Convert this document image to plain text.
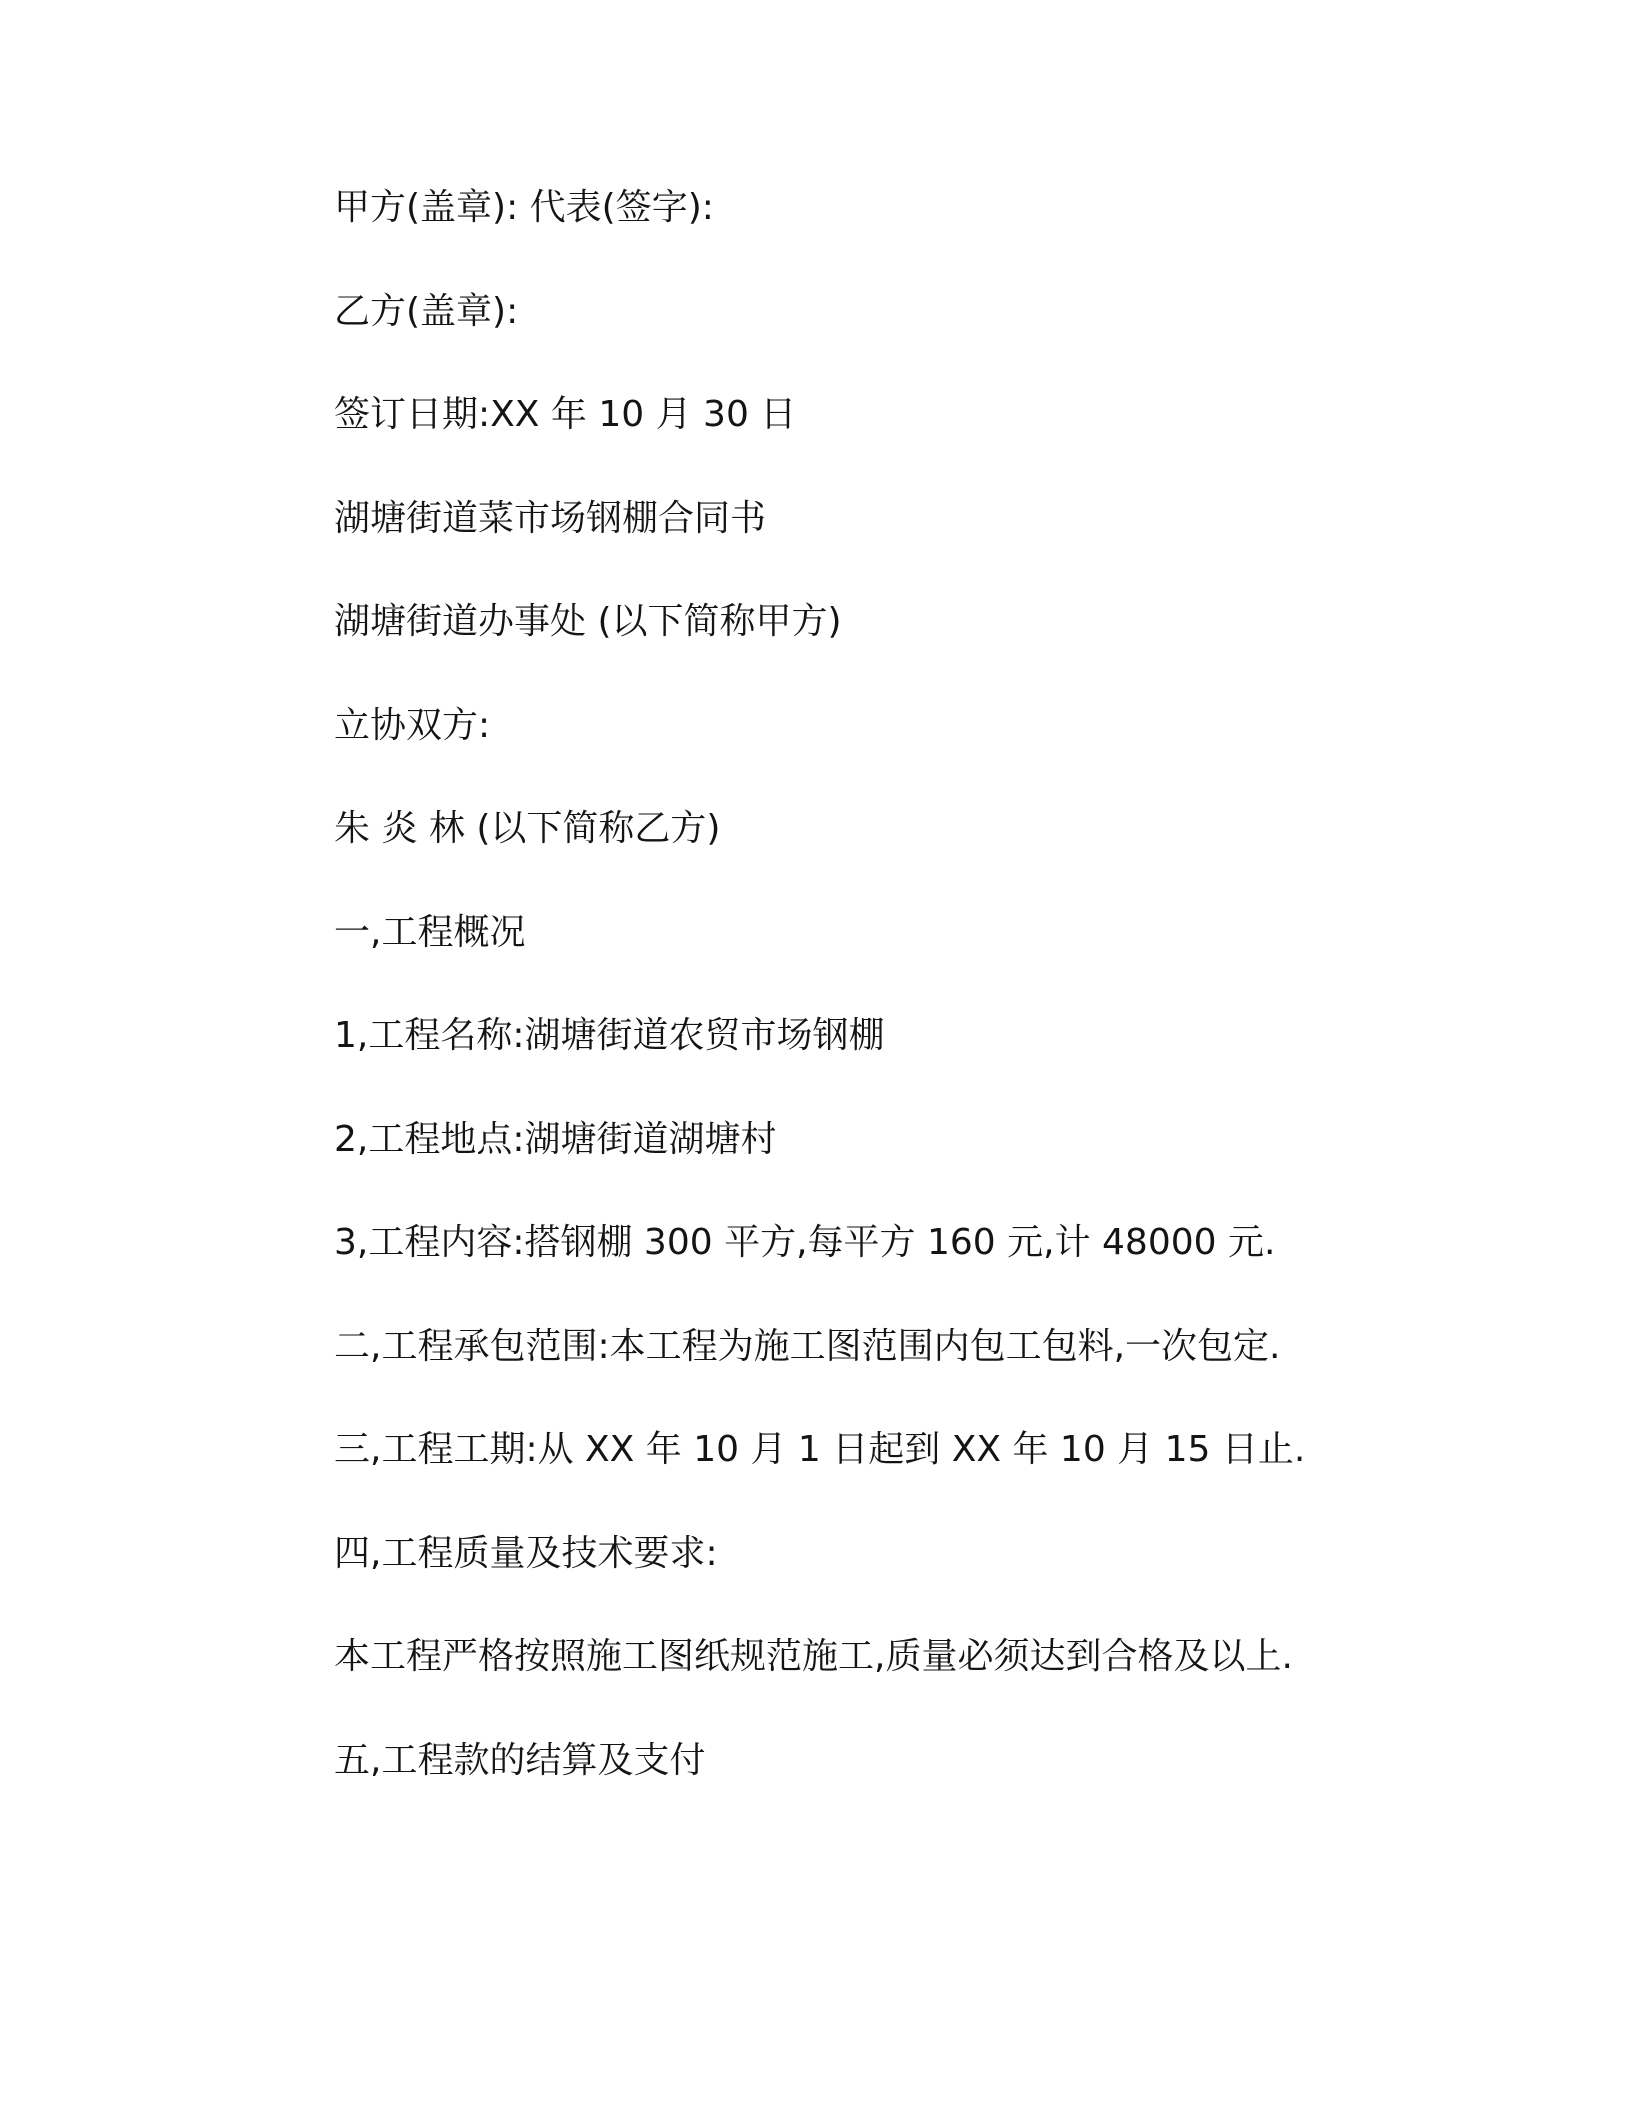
甲方(盖章): 代表(签字):
乙方(盖章):
签订日期:XX 年 10 月 30 日
湖塘街道菜市场钢棚合同书
湖塘街道办事处 (以下简称甲方)
立协双方:
朱 炎 林 (以下简称乙方)
一,工程概况
1,工程名称:湖塘街道农贸市场钢棚
2,工程地点:湖塘街道湖塘村
3,工程内容:搭钢棚 300 平方,每平方 160 元,计 48000 元.
二,工程承包范围:本工程为施工图范围内包工包料,一次包定.
三,工程工期:从 XX 年 10 月 1 日起到 XX 年 10 月 15 日止.
四,工程质量及技术要求:
本工程严格按照施工图纸规范施工,质量必须达到合格及以上.
五,工程款的结算及支付
